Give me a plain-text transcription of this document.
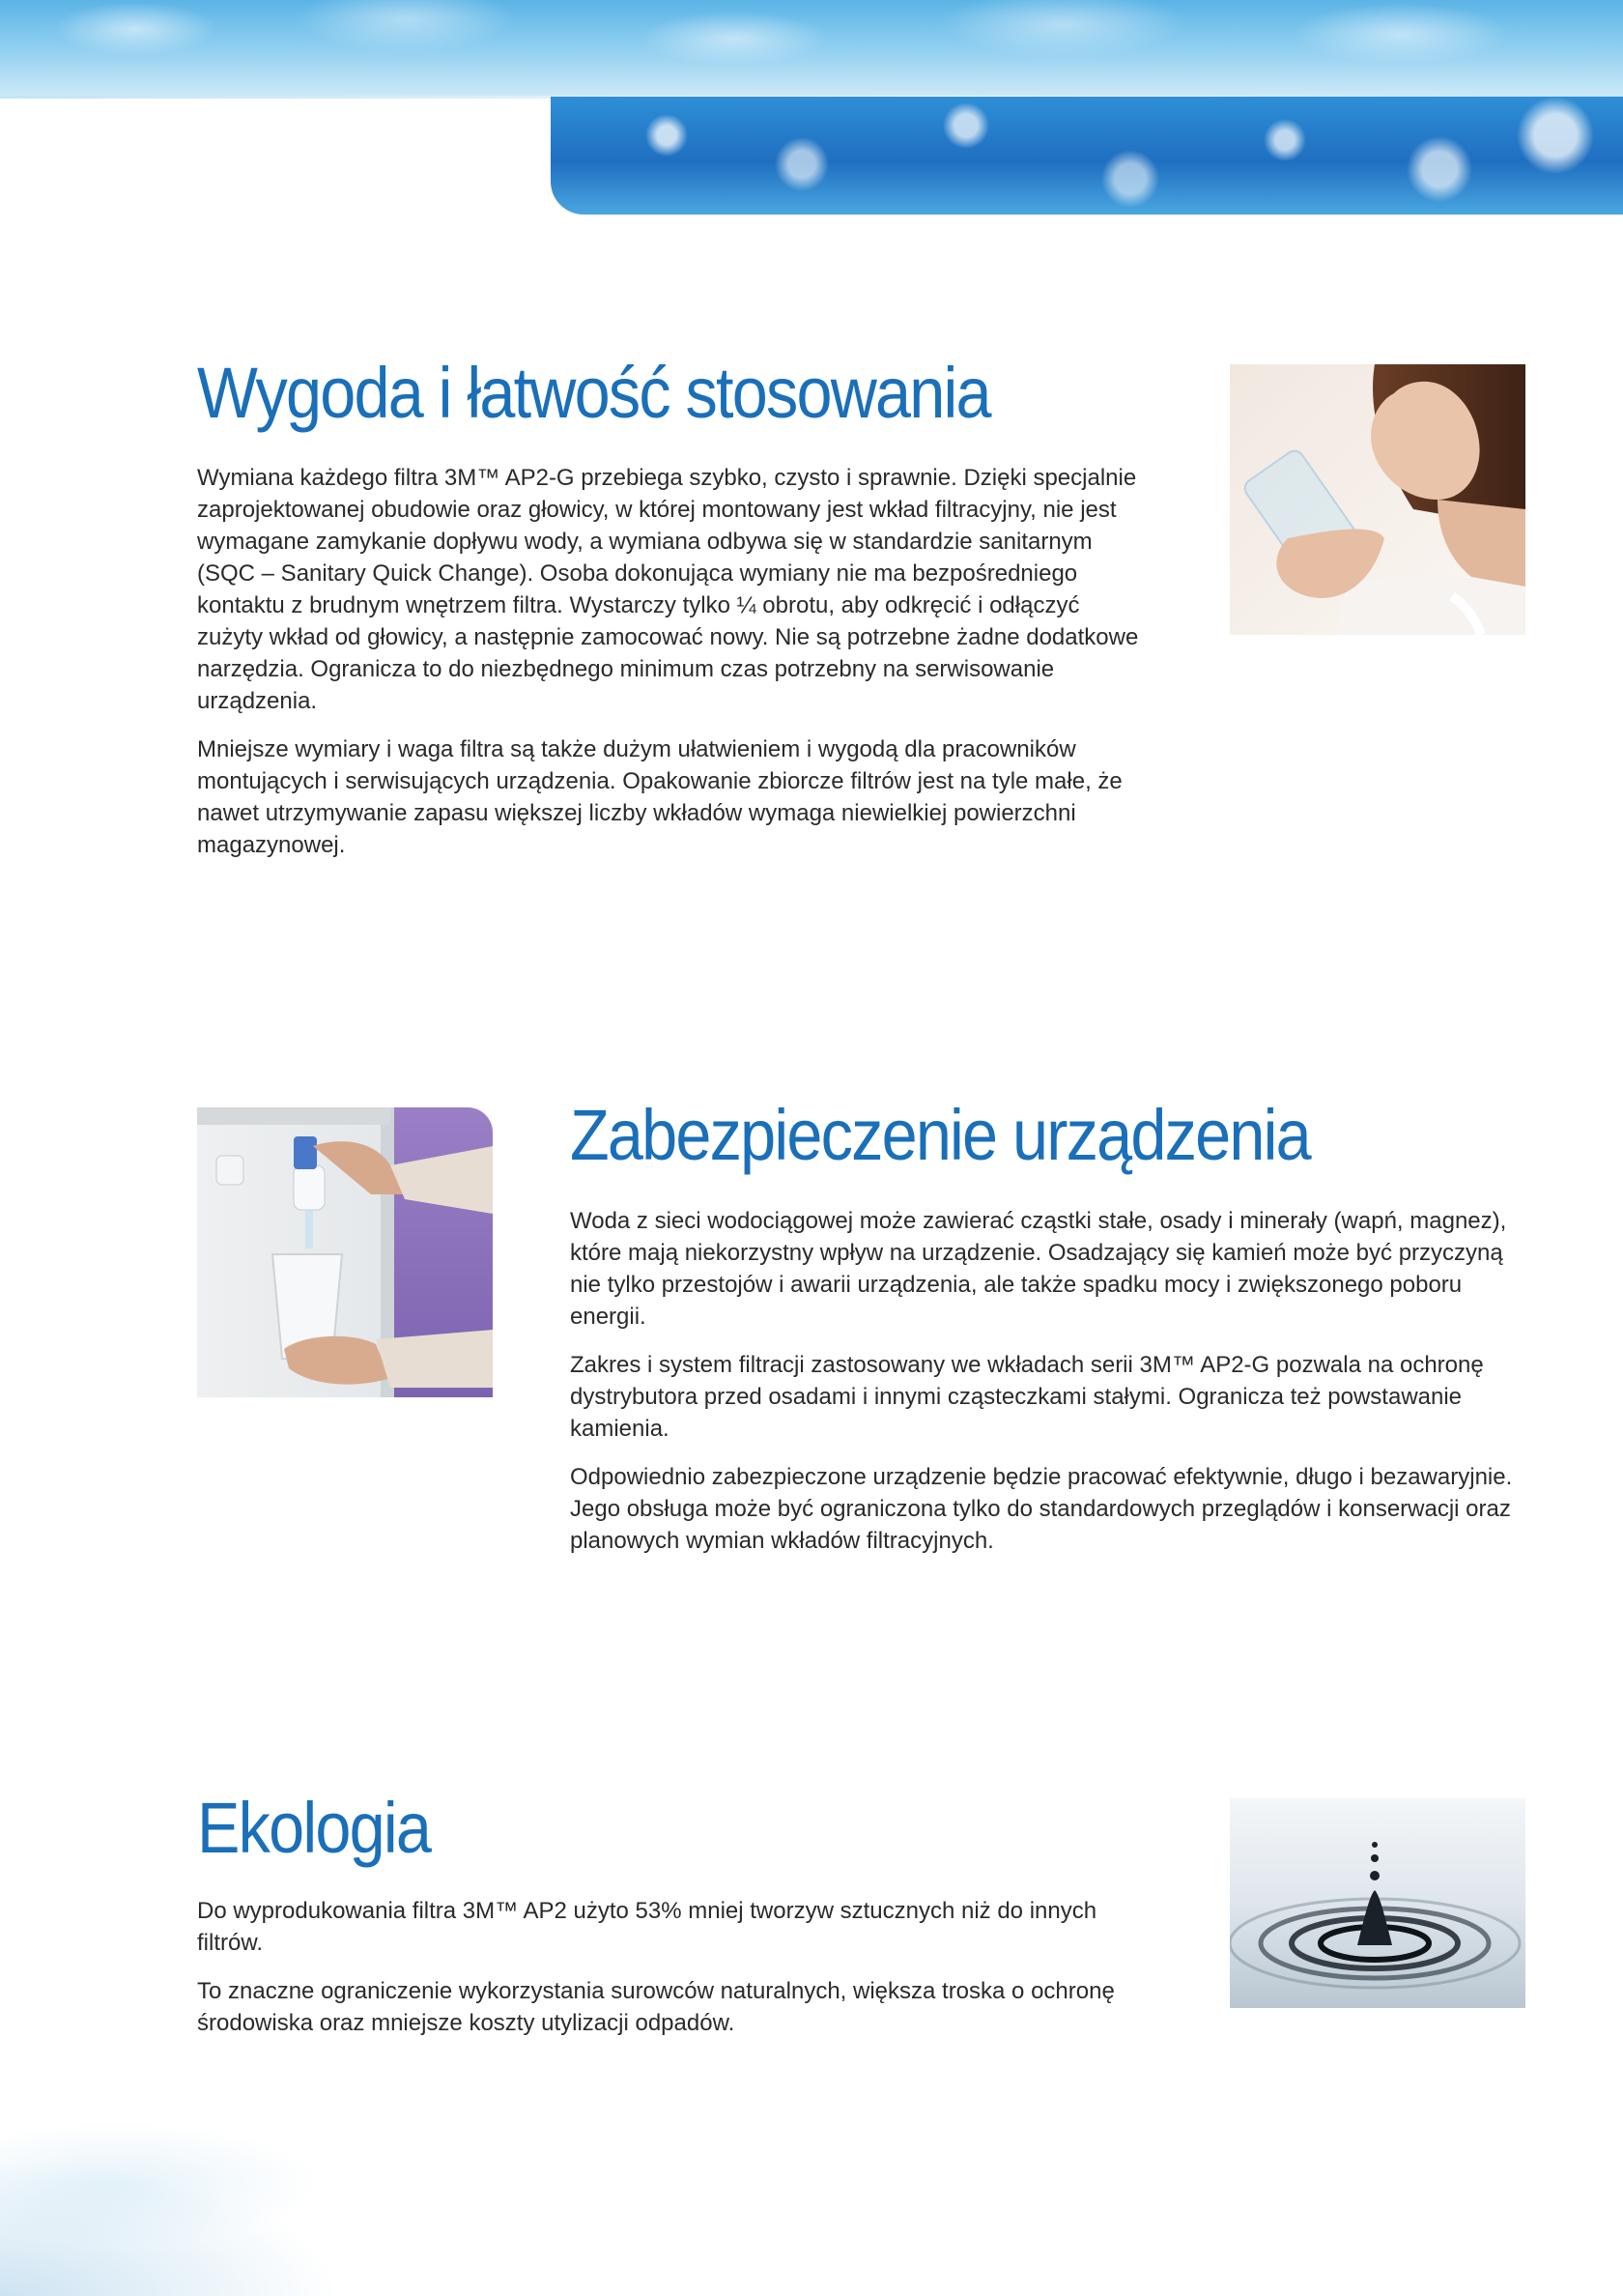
Wygoda i łatwość stosowania

Wymiana każdego filtra 3M™ AP2-G przebiega szybko, czysto i sprawnie. Dzięki specjalnie zaprojektowanej obudowie oraz głowicy, w której montowany jest wkład filtracyjny, nie jest wymagane zamykanie dopływu wody, a wymiana odbywa się w standardzie sanitarnym (SQC – Sanitary Quick Change). Osoba dokonująca wymiany nie ma bezpośredniego kontaktu z brudnym wnętrzem filtra. Wystarczy tylko ¼ obrotu, aby odkręcić i odłączyć zużyty wkład od głowicy, a następnie zamocować nowy. Nie są potrzebne żadne dodatkowe narzędzia. Ogranicza to do niezbędnego minimum czas potrzebny na serwisowanie urządzenia.

Mniejsze wymiary i waga filtra są także dużym ułatwieniem i wygodą dla pracowników montujących i serwisujących urządzenia. Opakowanie zbiorcze filtrów jest na tyle małe, że nawet utrzymywanie zapasu większej liczby wkładów wymaga niewielkiej powierzchni magazynowej.

Zabezpieczenie urządzenia

Woda z sieci wodociągowej może zawierać cząstki stałe, osady i minerały (wapń, magnez), które mają niekorzystny wpływ na urządzenie. Osadzający się kamień może być przyczyną nie tylko przestojów i awarii urządzenia, ale także spadku mocy i zwiększonego poboru energii.

Zakres i system filtracji zastosowany we wkładach serii 3M™ AP2-G pozwala na ochronę dystrybutora przed osadami i innymi cząsteczkami stałymi. Ogranicza też powstawanie kamienia.

Odpowiednio zabezpieczone urządzenie będzie pracować efektywnie, długo i bezawaryjnie. Jego obsługa może być ograniczona tylko do standardowych przeglądów i konserwacji oraz planowych wymian wkładów filtracyjnych.

Ekologia

Do wyprodukowania filtra 3M™ AP2 użyto 53% mniej tworzyw sztucznych niż do innych filtrów.

To znaczne ograniczenie wykorzystania surowców naturalnych, większa troska o ochronę środowiska oraz mniejsze koszty utylizacji odpadów.
